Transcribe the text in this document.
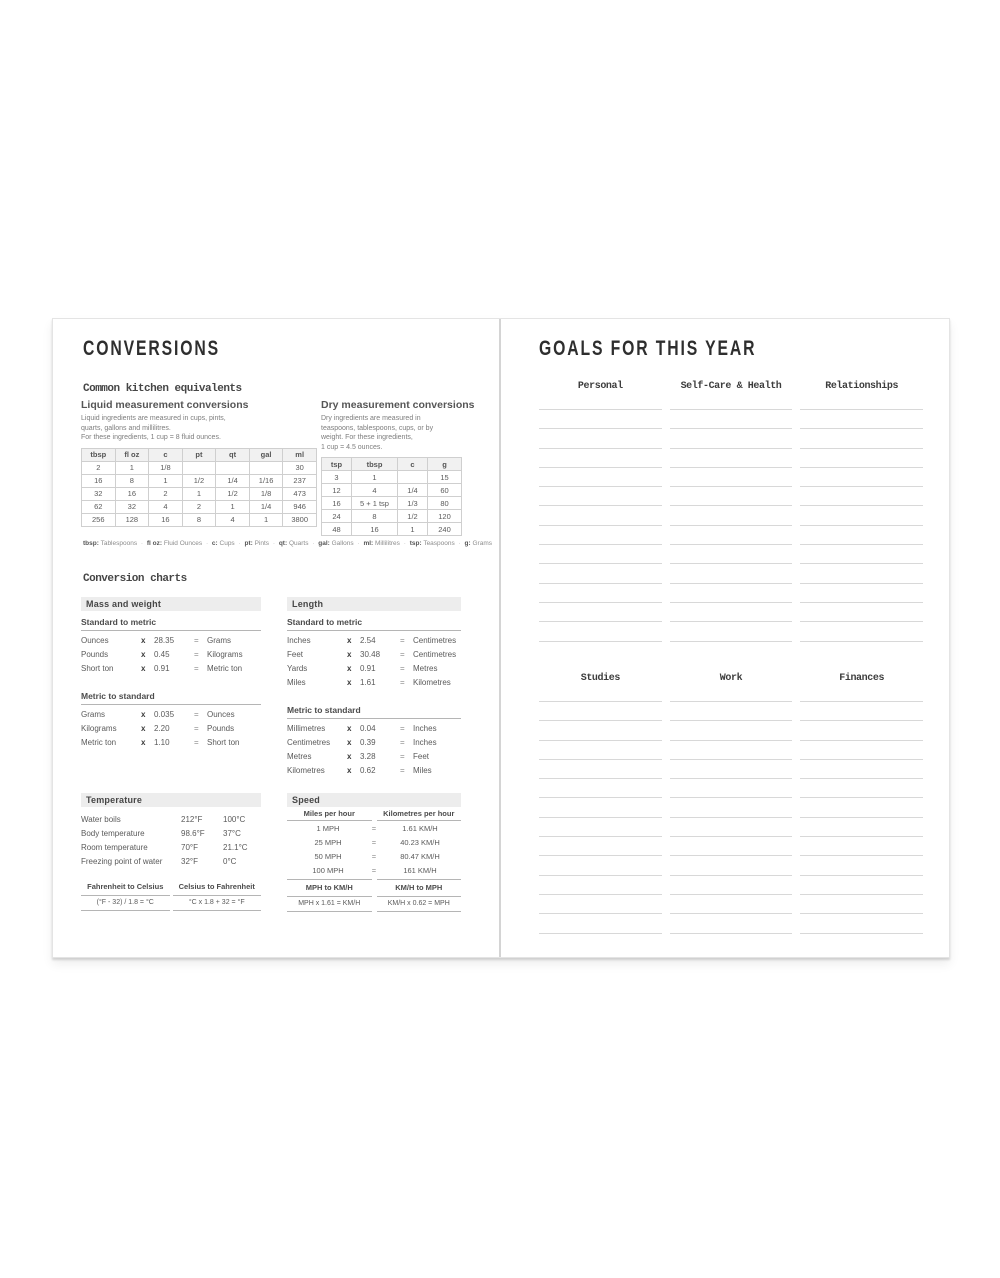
CONVERSIONS
Common kitchen equivalents
Liquid measurement conversions
Liquid ingredients are measured in cups, pints,
quarts, gallons and millilitres.
For these ingredients, 1 cup = 8 fluid ounces.
tbsp	fl oz	c	pt	qt	gal	ml
2	1	1/8				30
16	8	1	1/2	1/4	1/16	237
32	16	2	1	1/2	1/8	473
62	32	4	2	1	1/4	946
256	128	16	8	4	1	3800
Dry measurement conversions
Dry ingredients are measured in
teaspoons, tablespoons, cups, or by
weight. For these ingredients,
1 cup = 4.5 ounces.
tsp	tbsp	c	g
3	1		15
12	4	1/4	60
16	5 + 1 tsp	1/3	80
24	8	1/2	120
48	16	1	240
tbsp: Tablespoons · fl oz: Fluid Ounces · c: Cups · pt: Pints · qt: Quarts · gal: Gallons · ml: Millilitres · tsp: Teaspoons · g: Grams
Conversion charts
Mass and weight
Standard to metric
Ounces	x	28.35	=	Grams
Pounds	x	0.45	=	Kilograms
Short ton	x	0.91	=	Metric ton
Metric to standard
Grams	x	0.035	=	Ounces
Kilograms	x	2.20	=	Pounds
Metric ton	x	1.10	=	Short ton
Length
Standard to metric
Inches	x	2.54	=	Centimetres
Feet	x	30.48	=	Centimetres
Yards	x	0.91	=	Metres
Miles	x	1.61	=	Kilometres
Metric to standard
Millimetres	x	0.04	=	Inches
Centimetres	x	0.39	=	Inches
Metres	x	3.28	=	Feet
Kilometres	x	0.62	=	Miles
Temperature
Water boils	212°F	100°C
Body temperature	98.6°F	37°C
Room temperature	70°F	21.1°C
Freezing point of water	32°F	0°C
Fahrenheit to Celsius
(°F - 32) / 1.8 = °C
Celsius to Fahrenheit
°C x 1.8 + 32 = °F
Speed
Miles per hour	Kilometres per hour
1 MPH	=	1.61 KM/H
25 MPH	=	40.23 KM/H
50 MPH	=	80.47 KM/H
100 MPH	=	161 KM/H
MPH to KM/H
MPH x 1.61 = KM/H
KM/H to MPH
KM/H x 0.62 = MPH
GOALS FOR THIS YEAR
Personal	Self-Care & Health	Relationships
Studies	Work	Finances
